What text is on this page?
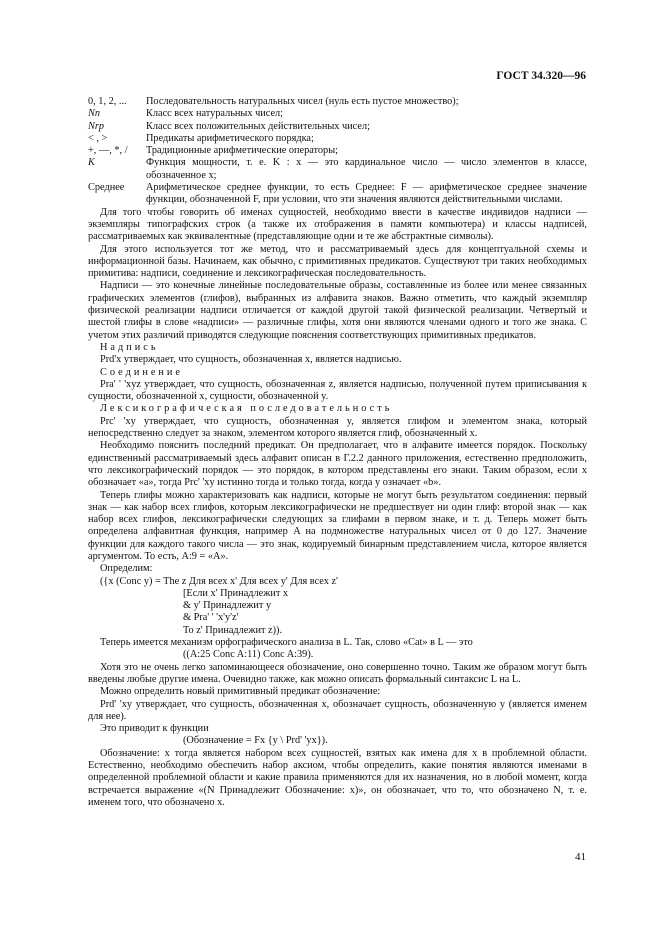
ГОСТ 34.320—96
0, 1, 2, ...	Последовательность натуральных чисел (нуль есть пустое множество);
Nn	Класс всех натуральных чисел;
Nrp	Класс всех положительных действительных чисел;
< , >	Предикаты арифметического порядка;
+, —, *, /	Традиционные арифметические операторы;
K	Функция мощности, т. е. K : x — это кардинальное число — число элементов в классе, обозначенное x;
Среднее	Арифметическое среднее функции, то есть Среднее: F — арифметическое среднее значение функции, обозначенной F, при условии, что эти значения являются действительными числами.

Для того чтобы говорить об именах сущностей, необходимо ввести в качестве индивидов надписи — экземпляры типографских строк (а также их отображения в памяти компьютера) и классы надписей, рассматриваемых как эквивалентные (представляющие одни и те же абстрактные символы).

Для этого используется тот же метод, что и рассматриваемый здесь для концептуальной схемы и информационной базы. Начинаем, как обычно, с примитивных предикатов. Существуют три таких необходимых примитива: надписи, соединение и лексикографическая последовательность.

Надписи — это конечные линейные последовательные образы, составленные из более или менее связанных графических элементов (глифов), выбранных из алфавита знаков. Важно отметить, что каждый экземпляр физической реализации надписи отличается от каждой другой такой физической реализации. Четвертый и шестой глифы в слове «надписи» — различные глифы, хотя они являются членами одного и того же знака. С учетом этих различий приводятся следующие пояснения соответствующих примитивных предикатов.

Надпись

Prd'x утверждает, что сущность, обозначенная x, является надписью.

Соединение

Pra' ' 'xyz утверждает, что сущность, обозначенная z, является надписью, полученной путем приписывания к сущности, обозначенной x, сущности, обозначенной y.

Лексикографическая последовательность

Prc' 'xy утверждает, что сущность, обозначенная y, является глифом и элементом знака, который непосредственно следует за знаком, элементом которого является глиф, обозначенный x.

Необходимо пояснить последний предикат. Он предполагает, что в алфавите имеется порядок. Поскольку единственный рассматриваемый здесь алфавит описан в Г.2.2 данного приложения, естественно предположить, что лексикографический порядок — это порядок, в котором представлены его знаки. Таким образом, если x обозначает «a», тогда Prc' 'xy истинно тогда и только тогда, когда y означает «b».

Теперь глифы можно характеризовать как надписи, которые не могут быть результатом соединения: первый знак — как набор всех глифов, которым лексикографически не предшествует ни один глиф: второй знак — как набор всех глифов, лексикографически следующих за глифами в первом знаке, и т. д. Теперь может быть определена алфавитная функция, например A на подмножестве натуральных чисел от 0 до 127. Значение функции для каждого такого числа — это знак, кодируемый бинарным представлением числа, которое является аргументом. То есть, A:9 = «A».

Определим:

({x (Conc y) = The z Для всех x' Для всех y' Для всех z'
[Если x' Принадлежит x
& y' Принадлежит y
& Pra' ' 'x'y'z'
То z' Принадлежит z)).
Теперь имеется механизм орфографического анализа в L. Так, слово «Cat» в L — это
((A:25 Conc A:11) Conc A:39).

Хотя это не очень легко запоминающееся обозначение, оно совершенно точно. Таким же образом могут быть введены любые другие имена. Очевидно также, как можно описать формальный синтаксис L на L.

Можно определить новый примитивный предикат обозначение:

Prd' 'xy утверждает, что сущность, обозначенная x, обозначает сущность, обозначенную y (является именем для нее).

Это приводит к функции
(Обозначение = Fx {y \ Prd' 'yx}).

Обозначение: x тогда является набором всех сущностей, взятых как имена для x в проблемной области. Естественно, необходимо обеспечить набор аксиом, чтобы определить, какие понятия являются именами в определенной проблемной области и какие правила применяются для их назначения, но в любой момент, когда встречается выражение «(N Принадлежит Обозначение: x)», он обозначает, что то, что обозначено N, т. е. именем того, что обозначено x.

41
